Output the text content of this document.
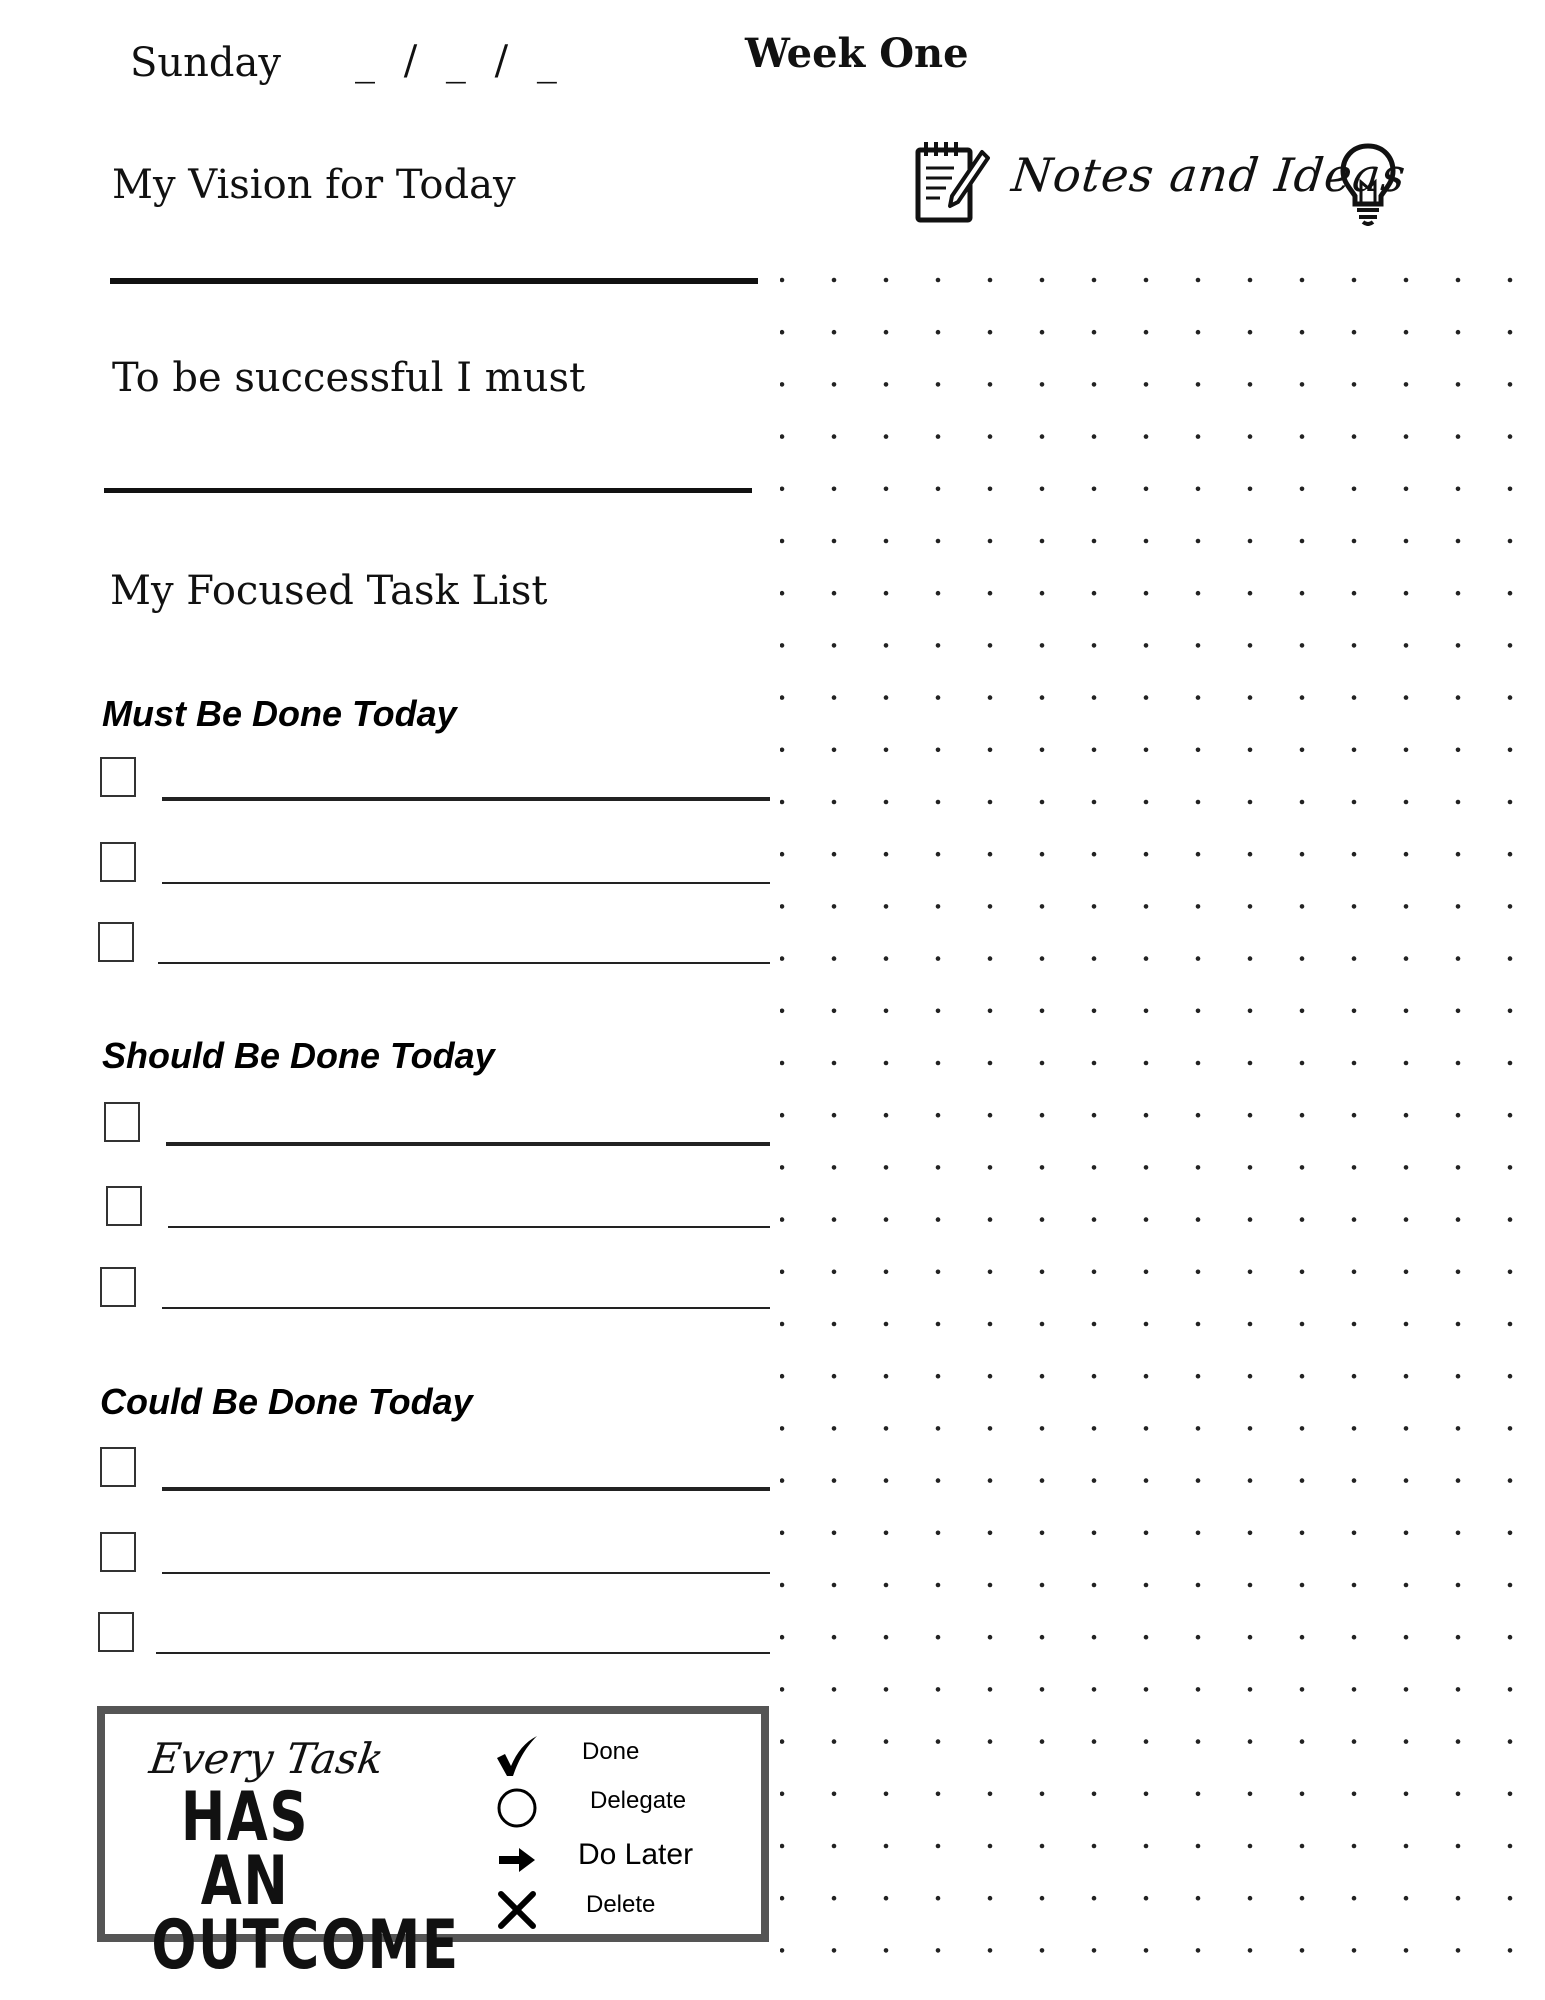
Sunday _ / _ / _	Week One
My Vision for Today
To be successful I must
My Focused Task List
Notes and Ideas
Must Be Done Today
Should Be Done Today
Could Be Done Today
Every Task
HAS AN
OUTCOME
Done
Delegate
Do Later
Delete
